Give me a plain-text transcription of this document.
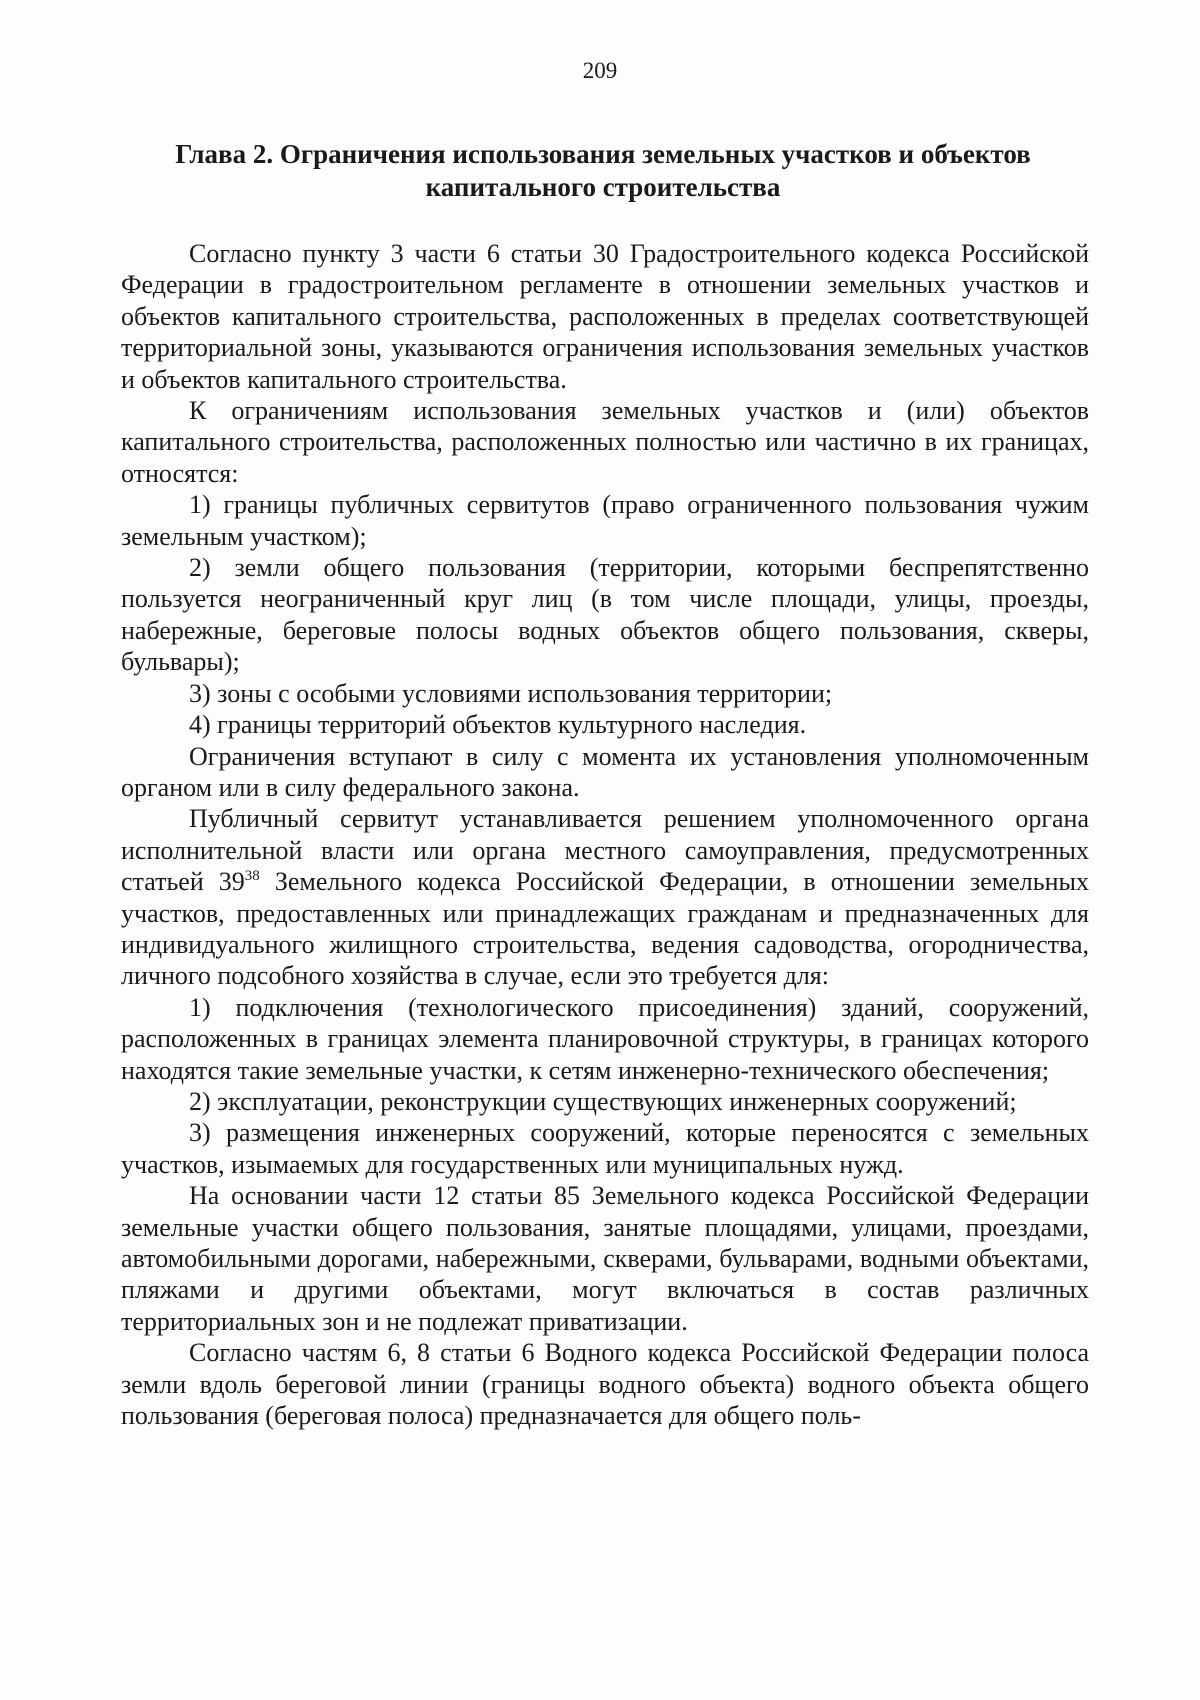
209
Глава 2. Ограничения использования земельных участков и объектов капитального строительства

Согласно пункту 3 части 6 статьи 30 Градостроительного кодекса Российской Федерации в градостроительном регламенте в отношении земельных участков и объектов капитального строительства, расположенных в пределах соответствующей территориальной зоны, указываются ограничения использования земельных участков и объектов капитального строительства.

К ограничениям использования земельных участков и (или) объектов капитального строительства, расположенных полностью или частично в их границах, относятся:

1) границы публичных сервитутов (право ограниченного пользования чужим земельным участком);

2) земли общего пользования (территории, которыми беспрепятственно пользуется неограниченный круг лиц (в том числе площади, улицы, проезды, набережные, береговые полосы водных объектов общего пользования, скверы, бульвары);

3) зоны с особыми условиями использования территории;

4) границы территорий объектов культурного наследия.

Ограничения вступают в силу с момента их установления уполномоченным органом или в силу федерального закона.

Публичный сервитут устанавливается решением уполномоченного органа исполнительной власти или органа местного самоуправления, предусмотренных статьей $39^{38}$ Земельного кодекса Российской Федерации, в отношении земельных участков, предоставленных или принадлежащих гражданам и предназначенных для индивидуального жилищного строительства, ведения садоводства, огородничества, личного подсобного хозяйства в случае, если это требуется для:

1) подключения (технологического присоединения) зданий, сооружений, расположенных в границах элемента планировочной структуры, в границах которого находятся такие земельные участки, к сетям инженерно-технического обеспечения;

2) эксплуатации, реконструкции существующих инженерных сооружений;

3) размещения инженерных сооружений, которые переносятся с земельных участков, изымаемых для государственных или муниципальных нужд.

На основании части 12 статьи 85 Земельного кодекса Российской Федерации земельные участки общего пользования, занятые площадями, улицами, проездами, автомобильными дорогами, набережными, скверами, бульварами, водными объектами, пляжами и другими объектами, могут включаться в состав различных территориальных зон и не подлежат приватизации.

Согласно частям 6, 8 статьи 6 Водного кодекса Российской Федерации полоса земли вдоль береговой линии (границы водного объекта) водного объекта общего пользования (береговая полоса) предназначается для общего поль-
